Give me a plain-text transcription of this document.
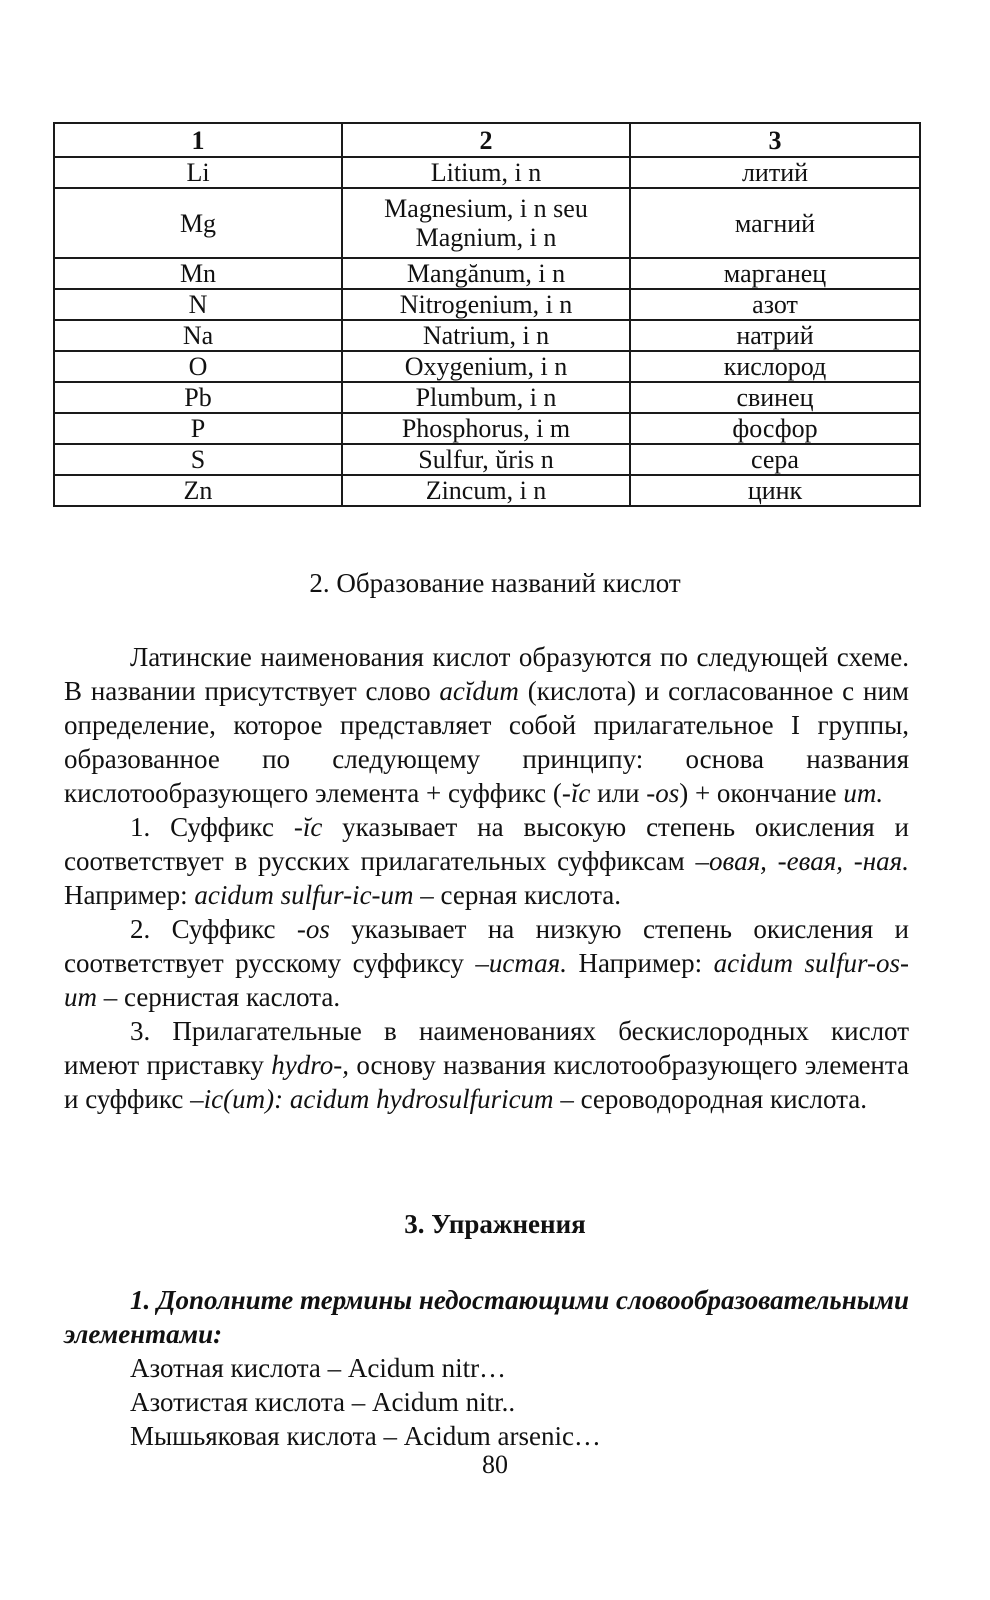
1	2	3
Li	Litium, i n	литий
Mg	Magnesium, i n seu Magnium, i n	магний
Mn	Mangănum, i n	марганец
N	Nitrogenium, i n	азот
Na	Natrium, i n	натрий
O	Oxygenium, i n	кислород
Pb	Plumbum, i n	свинец
P	Phosphorus, i m	фосфор
S	Sulfur, ŭris n	сера
Zn	Zincum, i n	цинк
2. Образование названий кислот

Латинские наименования кислот образуются по следующей схеме. В названии присутствует слово acĭdum (кислота) и согласованное с ним определение, которое представляет собой прилагательное I группы, образованное по следующему принципу: основа названия кислотообразующего элемента + суффикс (-ĭc или -os) + окончание um.

1. Суффикс -ĭc указывает на высокую степень окисления и соответствует в русских прилагательных суффиксам –овая, -евая, -ная. Например: acidum sulfur-ic-um – серная кислота.

2. Суффикс -os указывает на низкую степень окисления и соответствует русскому суффиксу –истая. Например: acidum sulfur-os-um – сернистая каслота.

3. Прилагательные в наименованиях бескислородных кислот имеют приставку hydro-, основу названия кислотообразующего элемента и суффикс –ic(um): acidum hydrosulfuricum – сероводородная кислота.

3. Упражнения
1. Дополните термины недостающими словообразовательными элементами:
Азотная кислота – Acidum nitr…
Азотистая кислота – Acidum nitr..
Мышьяковая кислота – Acidum arsenic…
80
